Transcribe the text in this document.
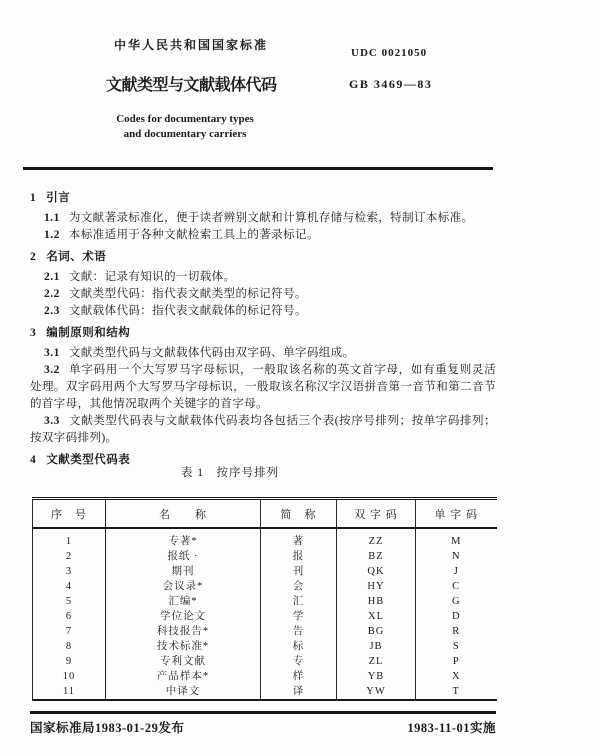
中华人民共和国国家标准
UDC 0021050
文献类型与文献载体代码	GB 3469—83
Codes for documentary types
and documentary carriers

1 引言

1.1 为文献著录标准化，便于读者辨别文献和计算机存储与检索，特制订本标准。

1.2 本标准适用于各种文献检索工具上的著录标记。

2 名词、术语

2.1 文献：记录有知识的一切载体。

2.2 文献类型代码：指代表文献类型的标记符号。

2.3 文献载体代码：指代表文献载体的标记符号。

3 编制原则和结构

3.1 文献类型代码与文献载体代码由双字码、单字码组成。

3.2 单字码用一个大写罗马字母标识，一般取该名称的英文首字母，如有重复则灵活处理。双字码用两个大写罗马字母标识，一般取该名称汉字汉语拼音第一音节和第二音节的首字母，其他情况取两个关键字的首字母。

3.3 文献类型代码表与文献载体代码表均各包括三个表(按序号排列；按单字码排列；按双字码排列)。

4 文献类型代码表

表 1　按序号排列
序　号	名　　称	简　称	双 字 码	单 字 码
1	专著*	著	ZZ	M
2	报纸 ·	报	BZ	N
3	期刊	刊	QK	J
4	会议录*	会	HY	C
5	汇编*	汇	HB	G
6	学位论文	学	XL	D
7	科技报告*	告	BG	R
8	技术标准*	标	JB	S
9	专利文献	专	ZL	P
10	产品样本*	样	YB	X
11	中译文	译	YW	T
国家标准局1983-01-29发布	1983-11-01实施
